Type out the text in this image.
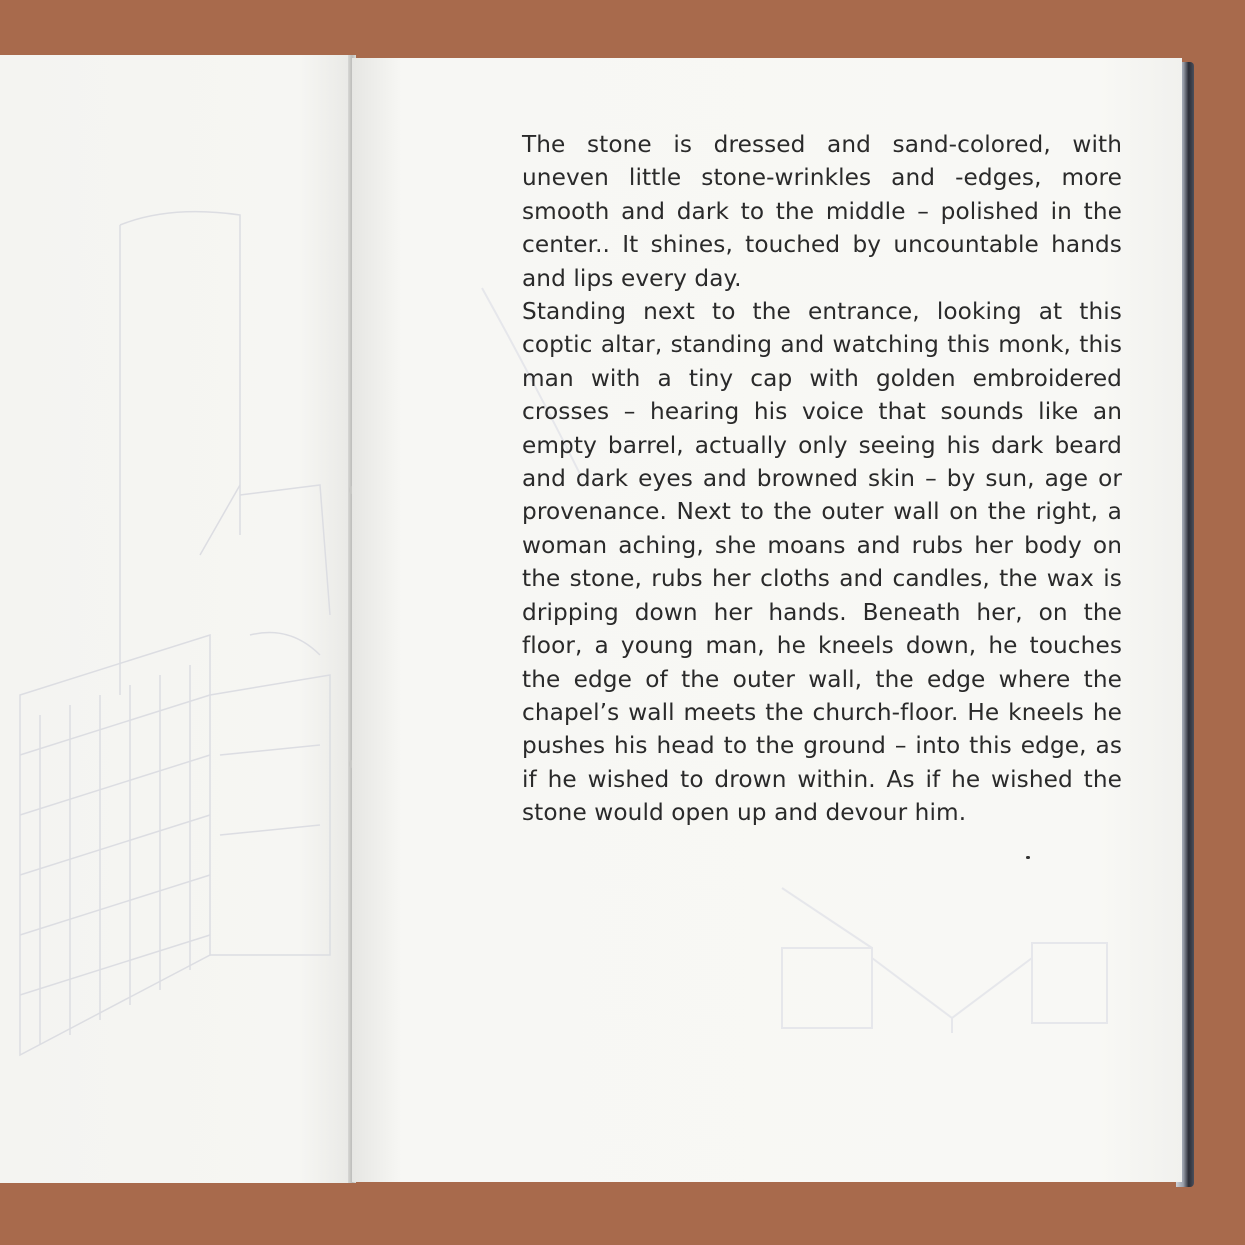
The stone is dressed and sand-colored, with uneven little stone-wrinkles and -edges, more smooth and dark to the middle – polished in the center.. It shines, touched by uncountable hands and lips every day.

Standing next to the entrance, looking at this coptic altar, standing and watching this monk, this man with a tiny cap with golden embroidered crosses – hearing his voice that sounds like an empty barrel, actually only seeing his dark beard and dark eyes and browned skin – by sun, age or provenance. Next to the outer wall on the right, a woman aching, she moans and rubs her body on the stone, rubs her cloths and candles, the wax is dripping down her hands. Beneath her, on the floor, a young man, he kneels down, he touches the edge of the outer wall, the edge where the chapel’s wall meets the church-floor. He kneels he pushes his head to the ground – into this edge, as if he wished to drown within. As if he wished the stone would open up and devour him.
